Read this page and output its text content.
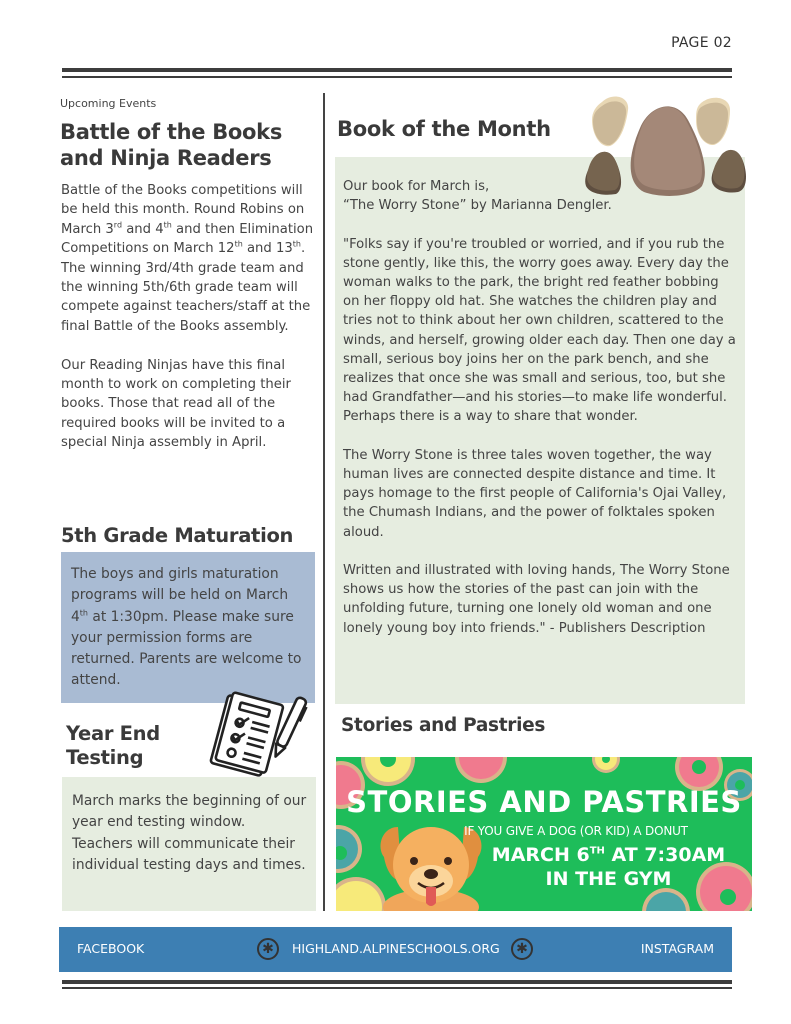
PAGE 02
Upcoming Events
Battle of the Books and Ninja Readers

Battle of the Books competitions will be held this month. Round Robins on March 3rd and 4th and then Elimination Competitions on March 12th and 13th. The winning 3rd/4th grade team and the winning 5th/6th grade team will compete against teachers/staff at the final Battle of the Books assembly.

Our Reading Ninjas have this final month to work on completing their books. Those that read all of the required books will be invited to a special Ninja assembly in April.

5th Grade Maturation
The boys and girls maturation programs will be held on March 4th at 1:30pm. Please make sure your permission forms are returned. Parents are welcome to attend.
Year End Testing
March marks the beginning of our year end testing window. Teachers will communicate their individual testing days and times.
Book of the Month

Our book for March is,
“The Worry Stone” by Marianna Dengler.

"Folks say if you're troubled or worried, and if you rub the stone gently, like this, the worry goes away. Every day the woman walks to the park, the bright red feather bobbing on her floppy old hat. She watches the children play and tries not to think about her own children, scattered to the winds, and herself, growing older each day. Then one day a small, serious boy joins her on the park bench, and she realizes that once she was small and serious, too, but she had Grandfather—and his stories—to make life wonderful. Perhaps there is a way to share that wonder.

The Worry Stone is three tales woven together, the way human lives are connected despite distance and time. It pays homage to the first people of California's Ojai Valley, the Chumash Indians, and the power of folktales spoken aloud.

Written and illustrated with loving hands, The Worry Stone shows us how the stories of the past can join with the unfolding future, turning one lonely old woman and one lonely young boy into friends." - Publishers Description

Stories and Pastries
STORIES AND PASTRIES
IF YOU GIVE A DOG (OR KID) A DONUT
MARCH 6TH AT 7:30AM
IN THE GYM
FACEBOOK	✱	HIGHLAND.ALPINESCHOOLS.ORG	✱	INSTAGRAM
